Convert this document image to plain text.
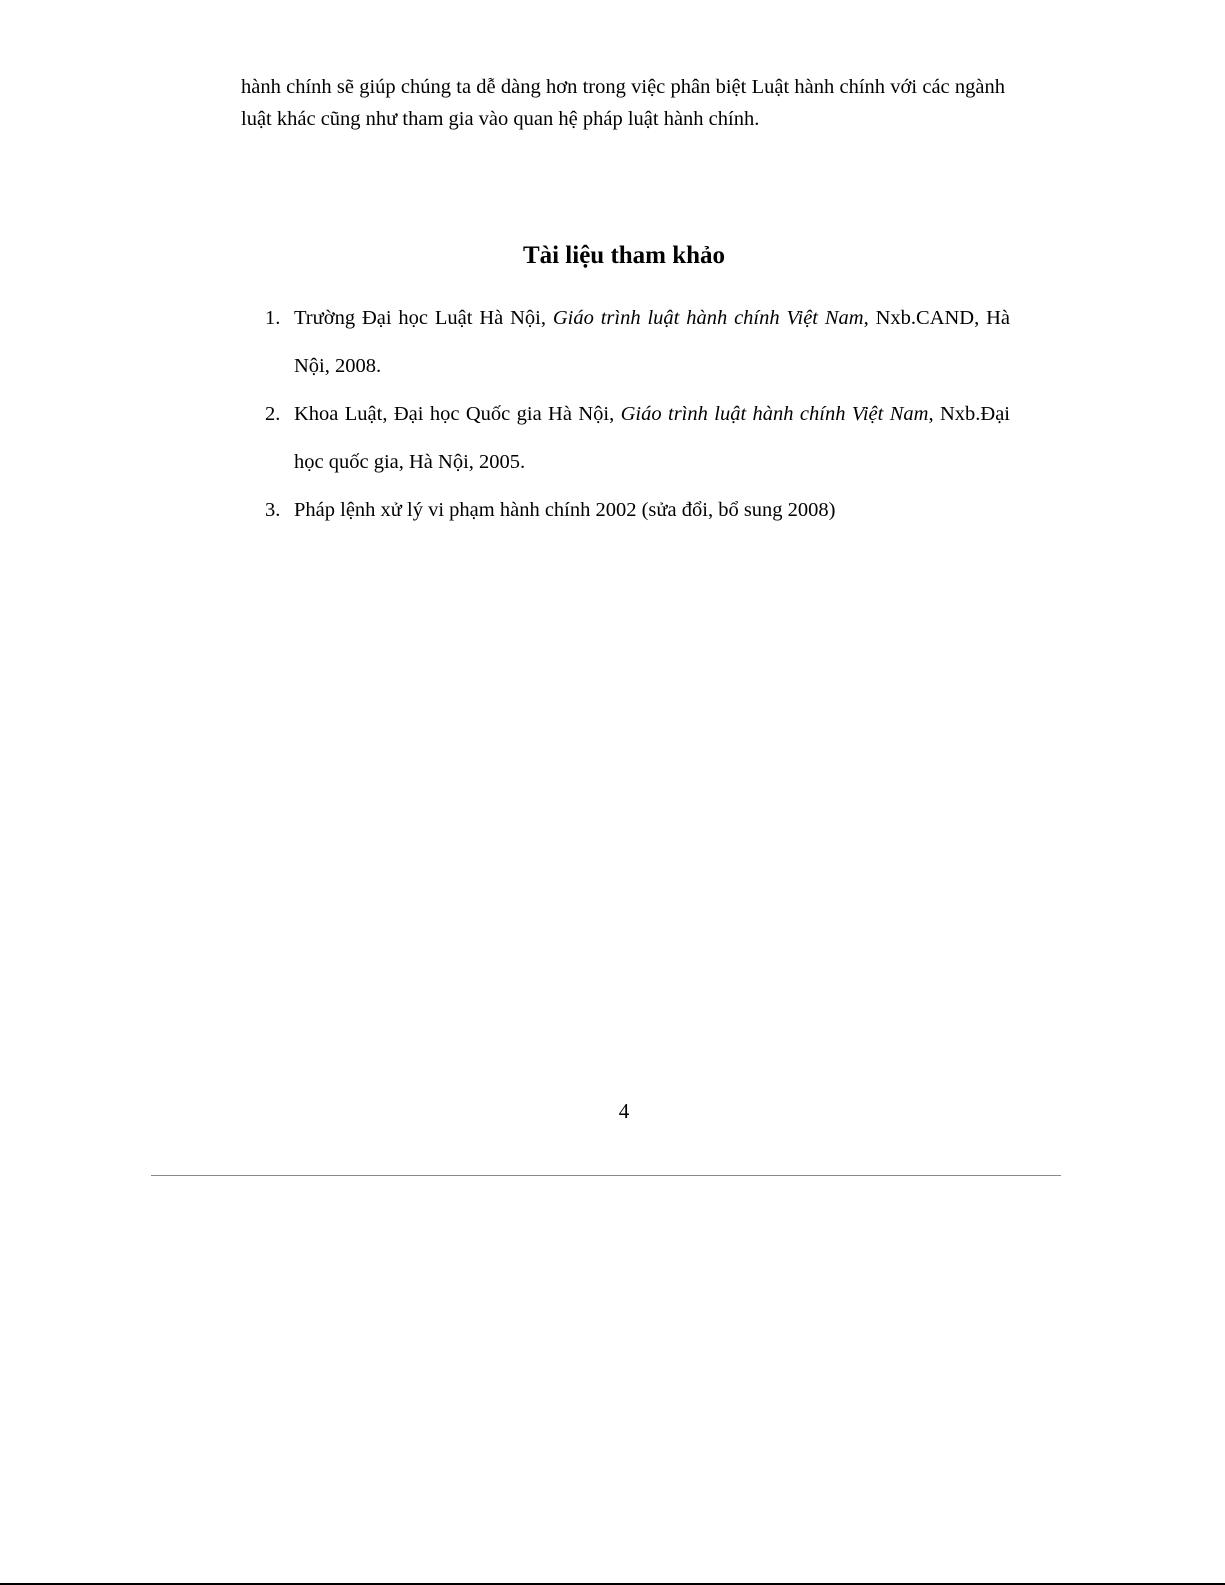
hành chính sẽ giúp chúng ta dễ dàng hơn trong việc phân biệt Luật hành chính với các ngành luật khác cũng như tham gia vào quan hệ pháp luật hành chính.

Tài liệu tham khảo
1. Trường Đại học Luật Hà Nội, Giáo trình luật hành chính Việt Nam, Nxb.CAND, Hà Nội, 2008.
2. Khoa Luật, Đại học Quốc gia Hà Nội, Giáo trình luật hành chính Việt Nam, Nxb.Đại học quốc gia, Hà Nội, 2005.
3. Pháp lệnh xử lý vi phạm hành chính 2002 (sửa đổi, bổ sung 2008)
4
